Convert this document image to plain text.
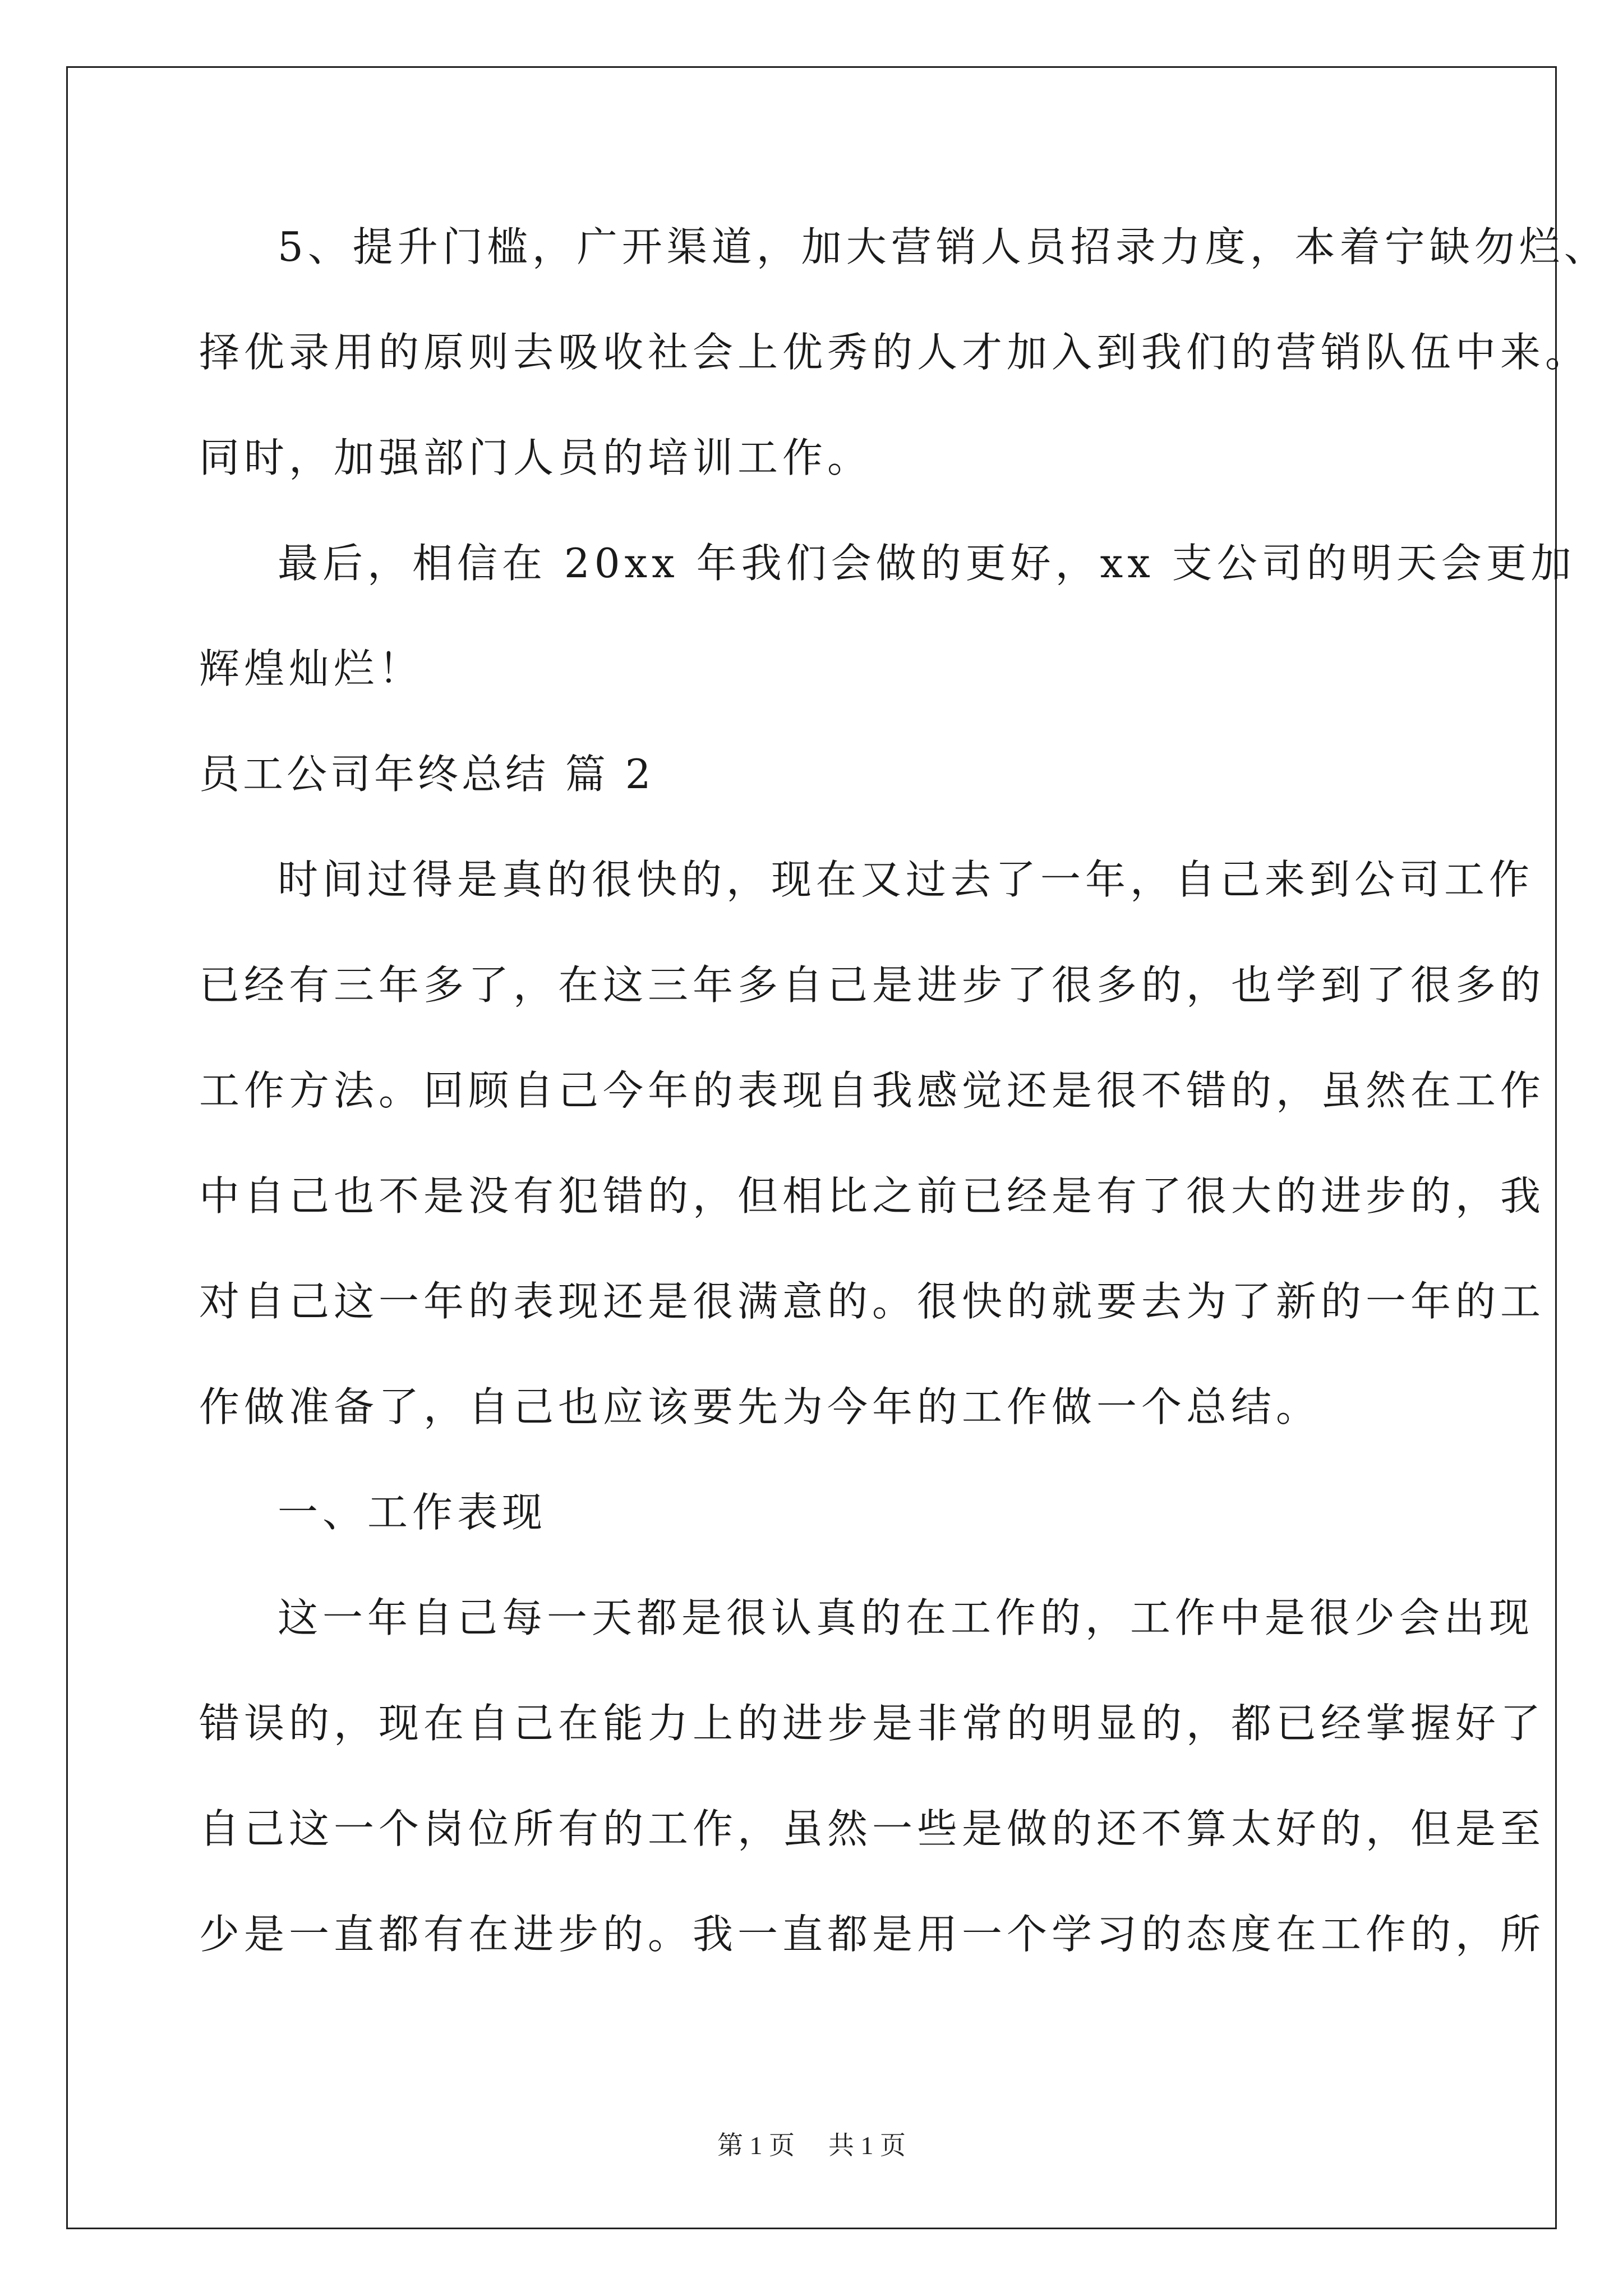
5、提升门槛，广开渠道，加大营销人员招录力度，本着宁缺勿烂、
择优录用的原则去吸收社会上优秀的人才加入到我们的营销队伍中来。
同时，加强部门人员的培训工作。
最后，相信在 20xx 年我们会做的更好，xx 支公司的明天会更加
辉煌灿烂！
员工公司年终总结 篇 2
时间过得是真的很快的，现在又过去了一年，自己来到公司工作
已经有三年多了，在这三年多自己是进步了很多的，也学到了很多的
工作方法。回顾自己今年的表现自我感觉还是很不错的，虽然在工作
中自己也不是没有犯错的，但相比之前已经是有了很大的进步的，我
对自己这一年的表现还是很满意的。很快的就要去为了新的一年的工
作做准备了，自己也应该要先为今年的工作做一个总结。
一、工作表现
这一年自己每一天都是很认真的在工作的，工作中是很少会出现
错误的，现在自己在能力上的进步是非常的明显的，都已经掌握好了
自己这一个岗位所有的工作，虽然一些是做的还不算太好的，但是至
少是一直都有在进步的。我一直都是用一个学习的态度在工作的，所
第 1 页 共 1 页
